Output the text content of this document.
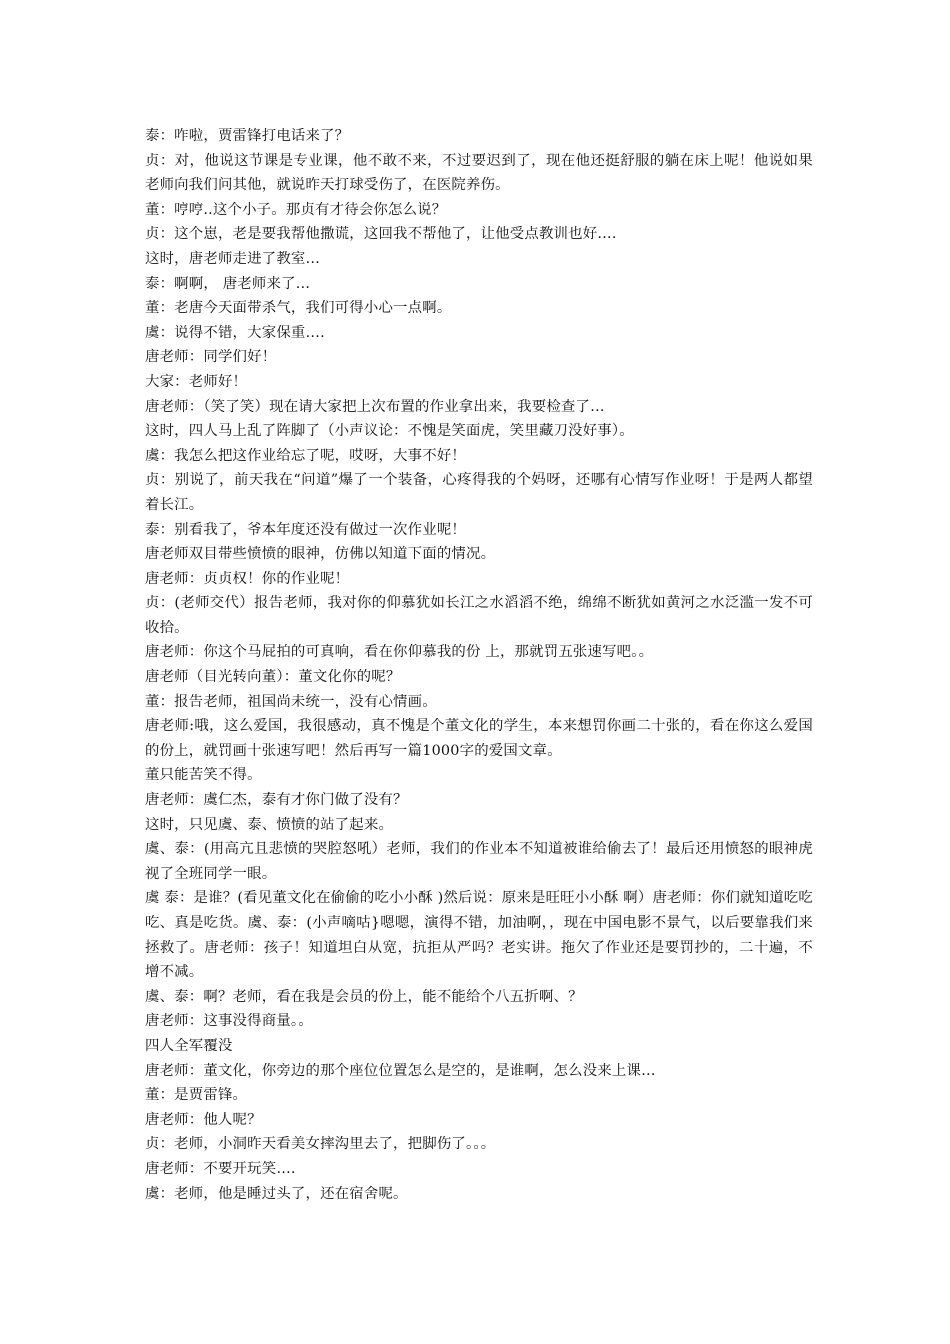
泰：咋啦，贾雷锋打电话来了？
贞：对，他说这节课是专业课，他不敢不来，不过要迟到了，现在他还挺舒服的躺在床上呢！他说如果老师向我们问其他，就说昨天打球受伤了，在医院养伤。
董：哼哼..这个小子。那贞有才待会你怎么说？
贞：这个崽，老是要我帮他撒谎，这回我不帮他了，让他受点教训也好….
这时，唐老师走进了教室…
泰：啊啊， 唐老师来了…
董：老唐今天面带杀气，我们可得小心一点啊。
虞：说得不错，大家保重….
唐老师：同学们好！
大家：老师好！
唐老师：（笑了笑）现在请大家把上次布置的作业拿出来，我要检查了…
这时，四人马上乱了阵脚了（小声议论：不愧是笑面虎，笑里藏刀没好事）。
虞：我怎么把这作业给忘了呢，哎呀，大事不好！
贞：别说了，前天我在“问道”爆了一个装备，心疼得我的个妈呀，还哪有心情写作业呀！于是两人都望着长江。
泰：别看我了，爷本年度还没有做过一次作业呢！
唐老师双目带些愤愤的眼神，仿佛以知道下面的情况。
唐老师：贞贞权！你的作业呢！
贞：(老师交代）报告老师，我对你的仰慕犹如长江之水滔滔不绝，绵绵不断犹如黄河之水泛滥一发不可收拾。
唐老师：你这个马屁拍的可真响，看在你仰慕我的份 上，那就罚五张速写吧。。
唐老师（目光转向董）：董文化你的呢？
董：报告老师，祖国尚未统一，没有心情画。
唐老师:哦，这么爱国，我很感动，真不愧是个董文化的学生，本来想罚你画二十张的，看在你这么爱国的份上，就罚画十张速写吧！然后再写一篇1000字的爱国文章。
董只能苦笑不得。
唐老师：虞仁杰，泰有才你门做了没有？
这时，只见虞、泰、愤愤的站了起来。
虞、泰：(用高亢且悲愤的哭腔怒吼）老师，我们的作业本不知道被谁给偷去了！最后还用愤怒的眼神虎视了全班同学一眼。
虞 泰：是谁？(看见董文化在偷偷的吃小小酥 )然后说：原来是旺旺小小酥 啊）唐老师：你们就知道吃吃吃、真是吃货。虞、泰：(小声嘀咕}嗯嗯，演得不错，加油啊，，现在中国电影不景气，以后要靠我们来拯救了。唐老师：孩子！知道坦白从宽，抗拒从严吗？老实讲。拖欠了作业还是要罚抄的，二十遍，不增不减。
虞、泰：啊？老师，看在我是会员的份上，能不能给个八五折啊、？
唐老师：这事没得商量。。
四人全军覆没
唐老师：董文化，你旁边的那个座位位置怎么是空的，是谁啊，怎么没来上课…
董：是贾雷锋。
唐老师：他人呢？
贞：老师，小洞昨天看美女摔沟里去了，把脚伤了。。。
唐老师：不要开玩笑….
虞：老师，他是睡过头了，还在宿舍呢。
